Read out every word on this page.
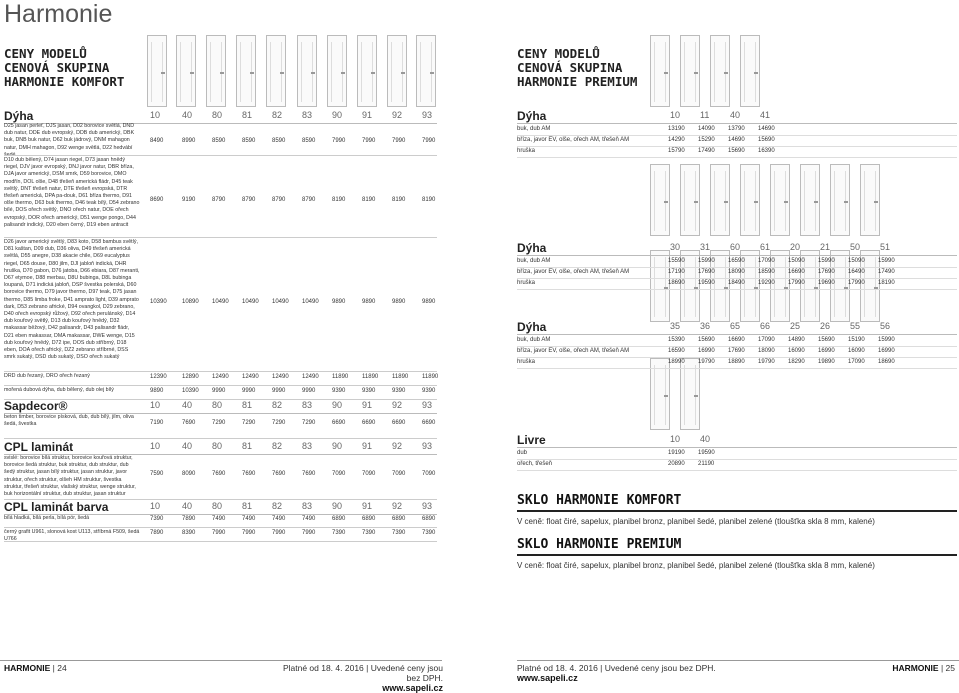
Harmonie
CENY MODELŮ
CENOVÁ SKUPINA
HARMONIE KOMFORT
Dýha	10 40 80 81 82 83 90 91 92 93
D25 jasan perleť, DJS jasan, D02 borovice světlá, DND dub natur, DDE dub evropský, DDB dub americký, DBK buk, DNB buk natur, D62 buk jádrový, DNM mahagon natur, DMH mahagon, D92 wenge světlá, D22 hedvábí šedé
8490	8990	8590	8590	8590	8590	7990	7990	7990	7990
D10 dub bělený, D74 jasan riegel, D73 jasan hnědý riegel, DJV javor evropský, DNJ javor natur, DBR bříza, DJA javor americký, DSM smrk, D59 borovice, DMO modřín, DOL olše, D48 třešeň americká fládr, D45 teak světlý, DNT třešeň natur, DTE třešeň evropská, DTR třešeň americká, DPA pa-douk, D61 bříza thermo, D91 olše thermo, D63 buk thermo, D46 teak bílý, D54 zebrano bílé, DOS ořech světlý, DNO ořech natur, DOE ořech evropský, DOR ořech americký, D51 wenge pongo, D44 palisandr indický, D20 eben černý, D19 eben antracit
8690	9190	8790	8790	8790	8790	8190	8190	8190	8190
D26 javor americký světlý, D83 koto, D58 bambus světlý, D81 kaštan, D09 dub, D36 oliva, D49 třešeň americká světlá, D55 anegre, D38 akacie chile, D69 eucalyptus riegel, D65 douse, D80 jilm, DJI jabloň indická, DHR hruška, D70 gabon, D76 jatoba, D66 ebiara, D87 meranti, D67 etymoe, D88 merbau, D8U bubinga, D8L bubinga loupaná, D71 indická jabloň, DSP švestka polerská, D60 borovice thermo, D79 javor thermo, D97 teak, D75 jasan thermo, D85 limba froke, D41 amprato light, D39 amprato dark, D53 zebrano africké, D94 ovangkol, D29 zebrano, D40 ořech evropský růžový, D92 ořech perulánský, D14 dub kouřový světlý, D13 dub kouřový hnědý, D32 makassar běžový, D42 palisandr, D43 palisandr fládr, D21 eben makassar, DMA makassar, DWE wenge, D15 dub kouřový hnědý, D72 ipe, DOS dub stříbrný, D18 eben, DOA ořech africký, DZ2 zebrano stříbrné, DSS smrk sukatý, DSD dub sukatý, DSO ořech sukatý
10390	10890 10490 10490 10490 10490 9890	9890	9890	9890
DRD dub řezaný, DRO ořech řezaný	12390	12890 12490 12490 12490 12490 11890 11890 11890 11890
mořená dubová dýha, dub bělený, dub olej bílý	9890	10390 9990	9990	9990	9990	9390	9390	9390	9390
Sapdecor®	10 40 80 81 82 83 90 91 92 93
beton timber, borovice písková, dub, dub bílý, jilm, oliva šedá, švestka	7190	7690	7290	7290	7290	7290	6690	6690	6690	6690
CPL laminát	10 40 80 81 82 83 90 91 92 93
svislé: borovice bílá struktur, borovice kouřová struktur, borovice šedá struktur, buk struktur, dub struktur, dub šedý struktur, jasan bílý struktur, jasan struktur, javor struktur, ořech struktur, olšeh HM struktur, švestka struktur, třešeň struktur, vlašský struktur, wenge struktur, buk horizontální struktur, dub struktur, jasan struktur
7590	8090	7690	7690	7690	7690	7090	7090	7090	7090
CPL laminát barva	10 40 80 81 82 83 90 91 92 93
bílá hladká, bílá perla, bílá pór, šedá	7390	7890	7490	7490	7490	7490	6890	6890	6890	6890
černý grafit U961, slonová kost U113, stříbrná F509, šedá U766
7890	8390	7990	7990	7990	7990	7390	7390	7390	7390
CENY MODELŮ
CENOVÁ SKUPINA
HARMONIE PREMIUM
Dýha	10 11 40 41
buk, dub AM	13190 14090 13790 14690
bříza, javor EV, olše, ořech AM, třešeň AM	14290 15290 14690 15690
hruška	15790 17490 15690 16390
Dýha	30 31 60 61 20 21 50 51
buk, dub AM	15590 15990 16590 17090 15090 15990 15090 15990
bříza, javor EV, olše, ořech AM, třešeň AM	17190 17690 18090 18590 16690 17690 16490 17490
hruška	18690 19590 18490 19290 17990 19690 17990 18190
Dýha	35 36 65 66 25 26 55 56
buk, dub AM	15390 15690 16690 17090 14890 15690 15190 15990
bříza, javor EV, olše, ořech AM, třešeň AM	16590 16990 17690 18090 16090 16990 16090 16990
hruška	18990 19790 18890 19790 18290 19890 17090 18690
Livre	10 40
dub	19190 19590
ořech, třešeň	20890 21190
SKLO HARMONIE KOMFORT
V ceně: float čiré, sapelux, planibel bronz, planibel šedé, planibel zelené (tloušťka skla 8 mm, kalené)
SKLO HARMONIE PREMIUM
V ceně: float čiré, sapelux, planibel bronz, planibel šedé, planibel zelené (tloušťka skla 8 mm, kalené)
HARMONIE | 24	Platné od 18. 4. 2016 | Uvedené ceny jsou bez DPH.
www.sapeli.cz
Platné od 18. 4. 2016 | Uvedené ceny jsou bez DPH.
www.sapeli.cz
HARMONIE | 25
